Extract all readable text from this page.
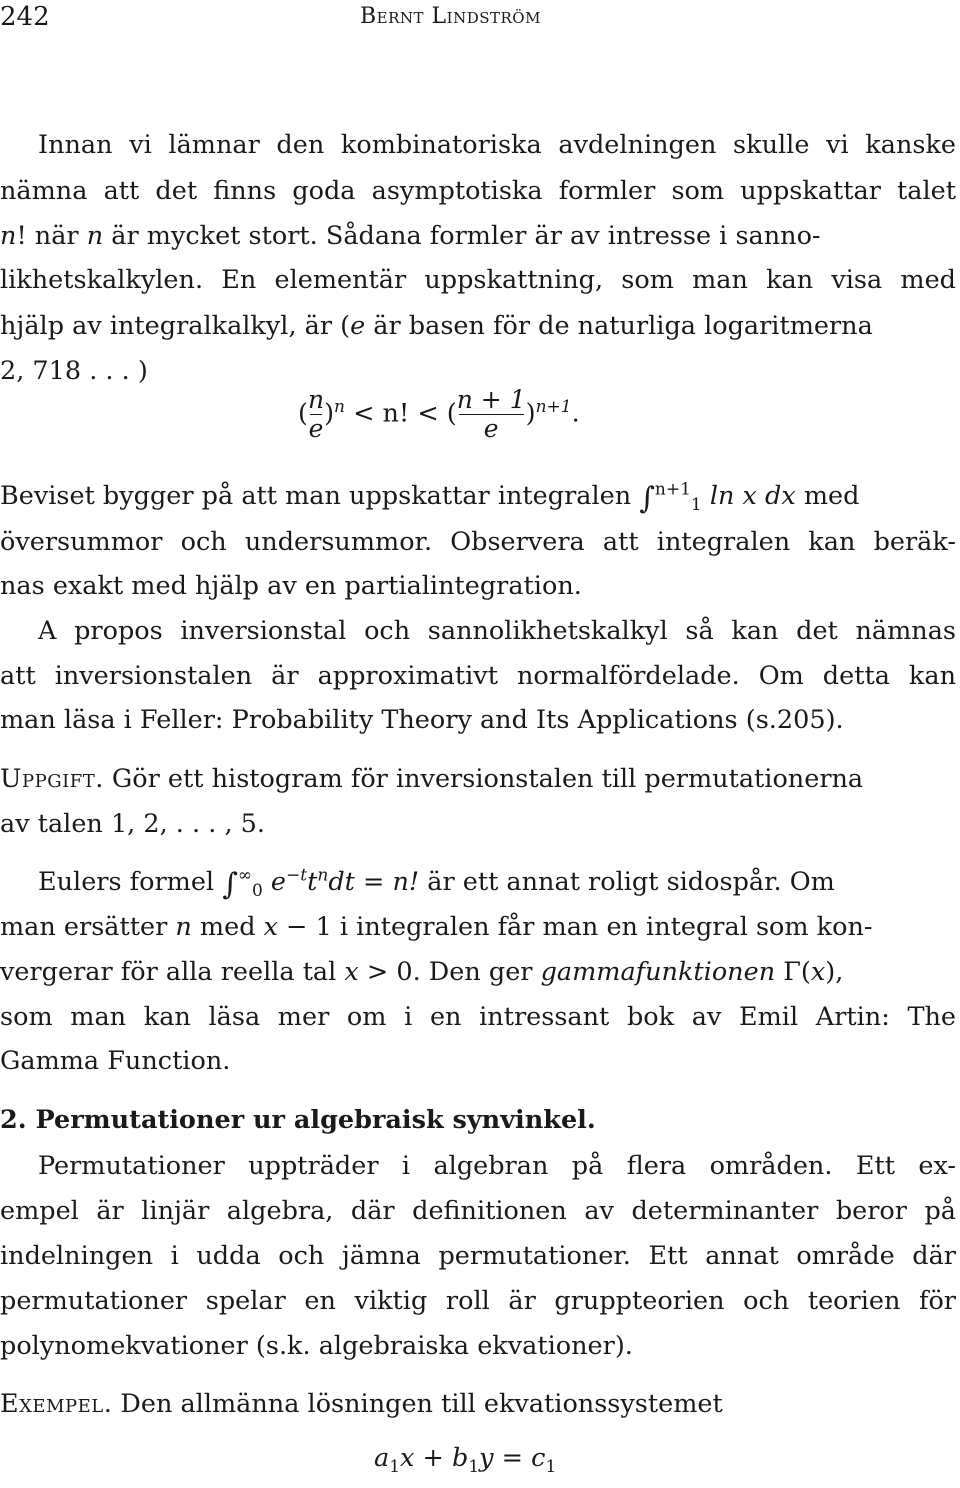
242	Bernt Lindström
Innan vi lämnar den kombinatoriska avdelningen skulle vi kanske
nämna att det finns goda asymptotiska formler som uppskattar talet
n! när n är mycket stort. Sådana formler är av intresse i sanno-
likhetskalkylen. En elementär uppskattning, som man kan visa med
hjälp av integralkalkyl, är (e är basen för de naturliga logaritmerna
2, 718 . . . )
( $\frac{n}{e} )^n < n$! < ( $\frac{n + 1}{e} )^{n+1}$.
Beviset bygger på att man uppskattar integralen ∫$^{n+1}_1$ ln x dx med
översummor och undersummor. Observera att integralen kan beräk-
nas exakt med hjälp av en partialintegration.
A propos inversionstal och sannolikhetskalkyl så kan det nämnas
att inversionstalen är approximativt normalfördelade. Om detta kan
man läsa i Feller: Probability Theory and Its Applications (s.205).
Uppgift. Gör ett histogram för inversionstalen till permutationerna
av talen 1, 2, . . . , 5.
Eulers formel $\int^\infty_0$ $e^{-t}t^ndt = n$! är ett annat roligt sidospår. Om
man ersätter n med x − 1 i integralen får man en integral som kon-
vergerar för alla reella tal x > 0. Den ger gammafunktionen Γ(x),
som man kan läsa mer om i en intressant bok av Emil Artin: The
Gamma Function.
2. Permutationer ur algebraisk synvinkel.
Permutationer uppträder i algebran på flera områden. Ett ex-
empel är linjär algebra, där definitionen av determinanter beror på
indelningen i udda och jämna permutationer. Ett annat område där
permutationer spelar en viktig roll är gruppteorien och teorien för
polynomekvationer (s.k. algebraiska ekvationer).
Exempel. Den allmänna lösningen till ekvationssystemet
$a_1x + b_1y = c_1$
